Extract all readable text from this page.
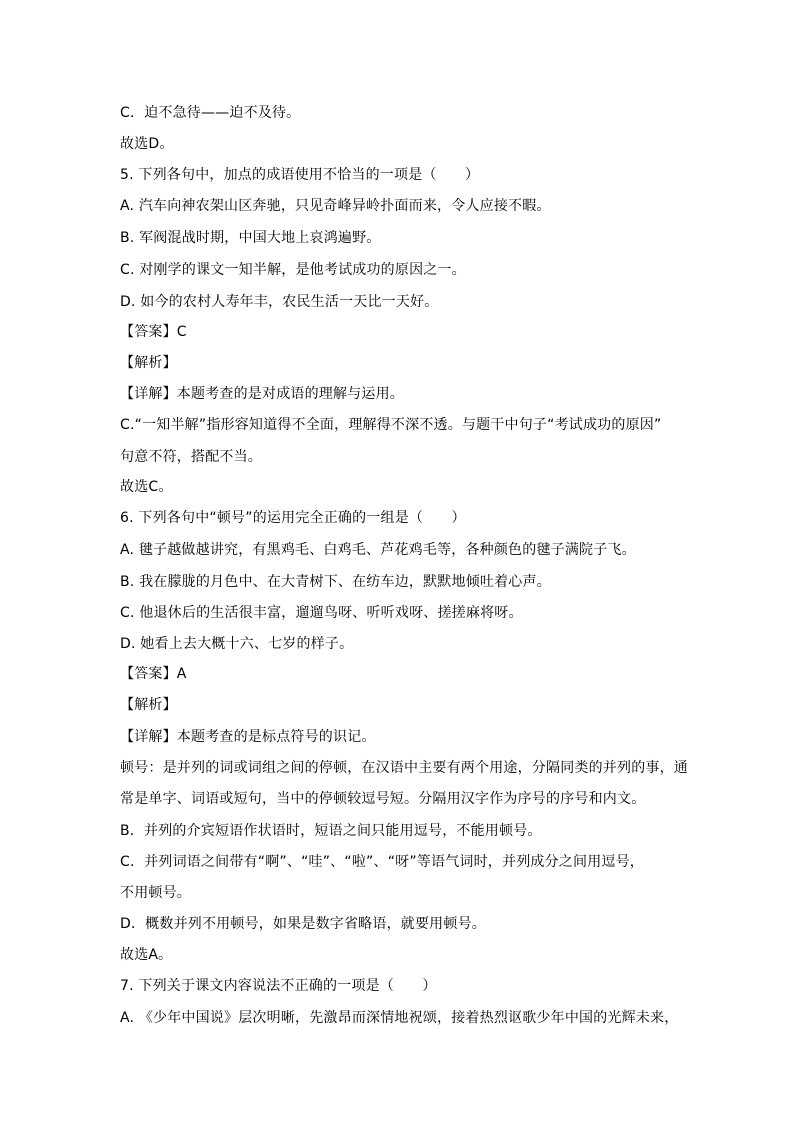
C．迫不急待——迫不及待。
故选D。
5. 下列各句中，加点的成语使用不恰当的一项是（　　）
A. 汽车向神农架山区奔驰，只见奇峰异岭扑面而来，令人应接不暇。
B. 军阀混战时期，中国大地上哀鸿遍野。
C. 对刚学的课文一知半解，是他考试成功的原因之一。
D. 如今的农村人寿年丰，农民生活一天比一天好。
【答案】C
【解析】
【详解】本题考查的是对成语的理解与运用。
C.“一知半解”指形容知道得不全面，理解得不深不透。与题干中句子“考试成功的原因”
句意不符，搭配不当。
故选C。
6. 下列各句中“顿号”的运用完全正确的一组是（　　）
A. 毽子越做越讲究，有黑鸡毛、白鸡毛、芦花鸡毛等，各种颜色的毽子满院子飞。
B. 我在朦胧的月色中、在大青树下、在纺车边，默默地倾吐着心声。
C. 他退休后的生活很丰富，遛遛鸟呀、听听戏呀、搓搓麻将呀。
D. 她看上去大概十六、七岁的样子。
【答案】A
【解析】
【详解】本题考查的是标点符号的识记。
顿号：是并列的词或词组之间的停顿，在汉语中主要有两个用途，分隔同类的并列的事，通
常是单字、词语或短句，当中的停顿较逗号短。分隔用汉字作为序号的序号和内文。
B．并列的介宾短语作状语时，短语之间只能用逗号，不能用顿号。
C．并列词语之间带有“啊”、“哇”、“啦”、“呀”等语气词时，并列成分之间用逗号，
不用顿号。
D．概数并列不用顿号，如果是数字省略语，就要用顿号。
故选A。
7. 下列关于课文内容说法不正确的一项是（　　）
A. 《少年中国说》层次明晰，先激昂而深情地祝颂，接着热烈讴歌少年中国的光辉未来，
